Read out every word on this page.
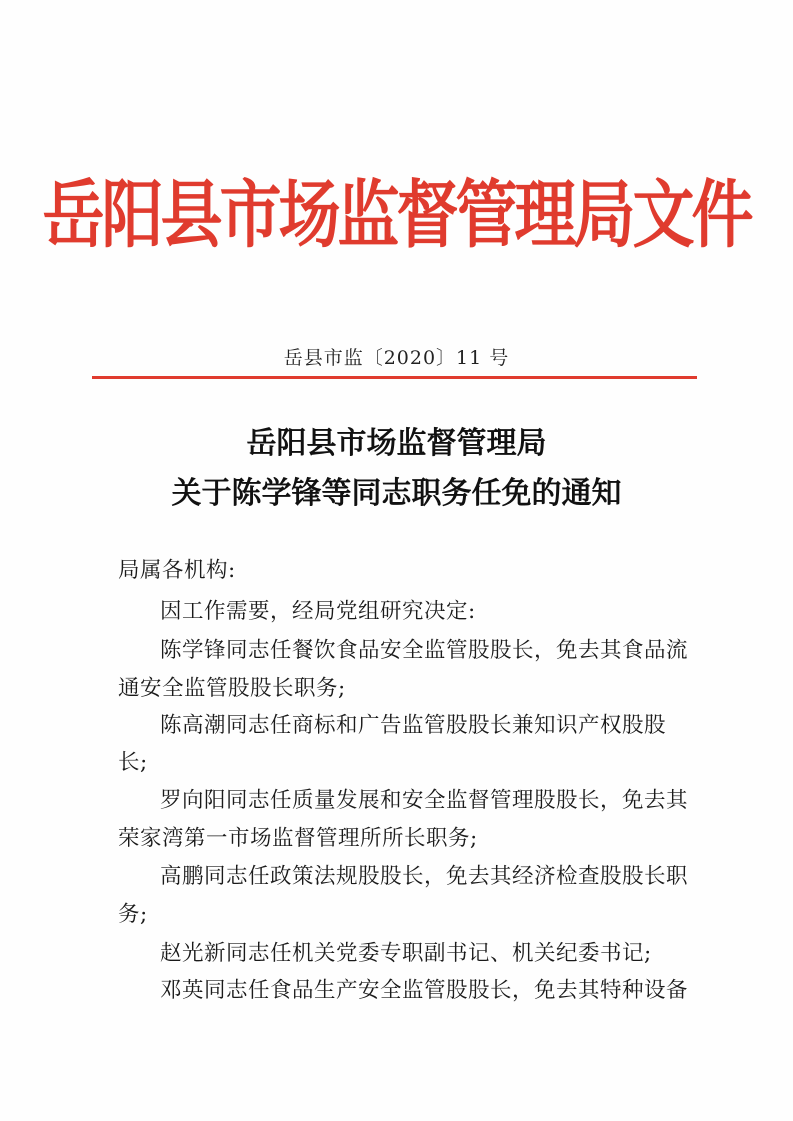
岳阳县市场监督管理局文件
岳县市监〔2020〕11 号
岳阳县市场监督管理局
关于陈学锋等同志职务任免的通知
局属各机构:
因工作需要，经局党组研究决定:
陈学锋同志任餐饮食品安全监管股股长，免去其食品流
通安全监管股股长职务;
陈高潮同志任商标和广告监管股股长兼知识产权股股
长;
罗向阳同志任质量发展和安全监督管理股股长，免去其
荣家湾第一市场监督管理所所长职务;
高鹏同志任政策法规股股长，免去其经济检查股股长职
务;
赵光新同志任机关党委专职副书记、机关纪委书记;
邓英同志任食品生产安全监管股股长，免去其特种设备
